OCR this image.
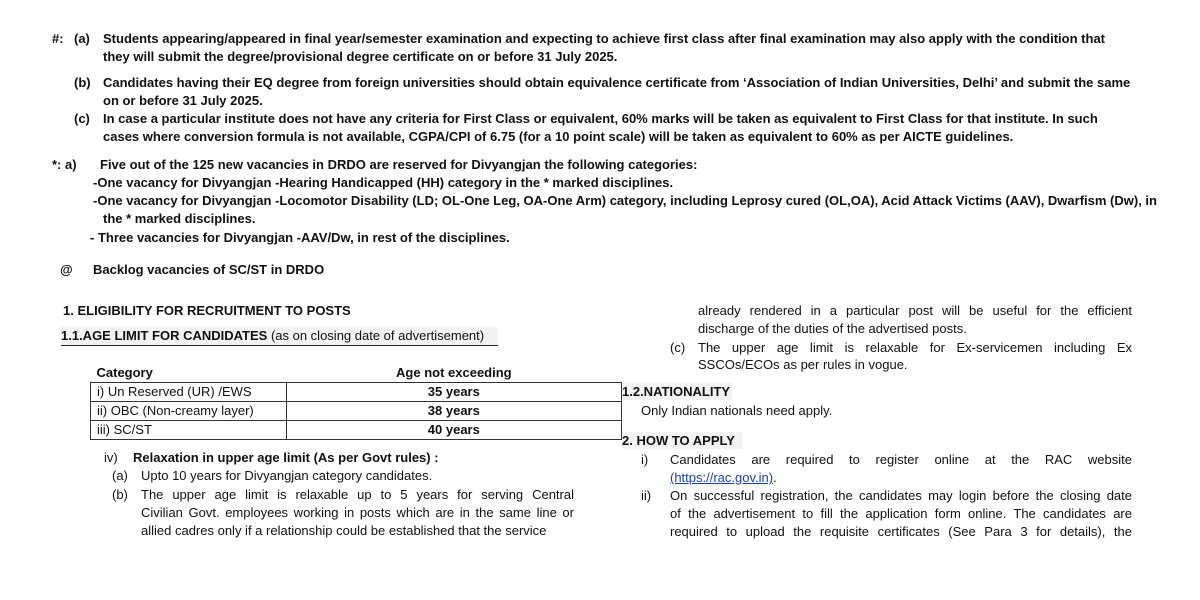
#: (a) Students appearing/appeared in final year/semester examination and expecting to achieve first class after final examination may also apply with the condition that
they will submit the degree/provisional degree certificate on or before 31 July 2025.
(b) Candidates having their EQ degree from foreign universities should obtain equivalence certificate from ‘Association of Indian Universities, Delhi’ and submit the same
on or before 31 July 2025.
(c) In case a particular institute does not have any criteria for First Class or equivalent, 60% marks will be taken as equivalent to First Class for that institute. In such
cases where conversion formula is not available, CGPA/CPI of 6.75 (for a 10 point scale) will be taken as equivalent to 60% as per AICTE guidelines.
*: a) Five out of the 125 new vacancies in DRDO are reserved for Divyangjan the following categories:
-One vacancy for Divyangjan -Hearing Handicapped (HH) category in the * marked disciplines.
-One vacancy for Divyangjan -Locomotor Disability (LD; OL-One Leg, OA-One Arm) category, including Leprosy cured (OL,OA), Acid Attack Victims (AAV), Dwarfism (Dw), in
the * marked disciplines.
- Three vacancies for Divyangjan -AAV/Dw, in rest of the disciplines.
@ Backlog vacancies of SC/ST in DRDO
1. ELIGIBILITY FOR RECRUITMENT TO POSTS
1.1.AGE LIMIT FOR CANDIDATES (as on closing date of advertisement)
Category	Age not exceeding
i) Un Reserved (UR) /EWS	35 years
ii) OBC (Non-creamy layer)	38 years
iii) SC/ST	40 years
iv) Relaxation in upper age limit (As per Govt rules) :
(a) Upto 10 years for Divyangjan category candidates.
(b) The upper age limit is relaxable up to 5 years for serving Central
Civilian Govt. employees working in posts which are in the same line or
allied cadres only if a relationship could be established that the service
already rendered in a particular post will be useful for the efficient
discharge of the duties of the advertised posts.
(c) The upper age limit is relaxable for Ex-servicemen including Ex
SSCOs/ECOs as per rules in vogue.
1.2.NATIONALITY
Only Indian nationals need apply.
2. HOW TO APPLY
i) Candidates are required to register online at the RAC website
(https://rac.gov.in).
ii) On successful registration, the candidates may login before the closing date
of the advertisement to fill the application form online. The candidates are
required to upload the requisite certificates (See Para 3 for details), the
